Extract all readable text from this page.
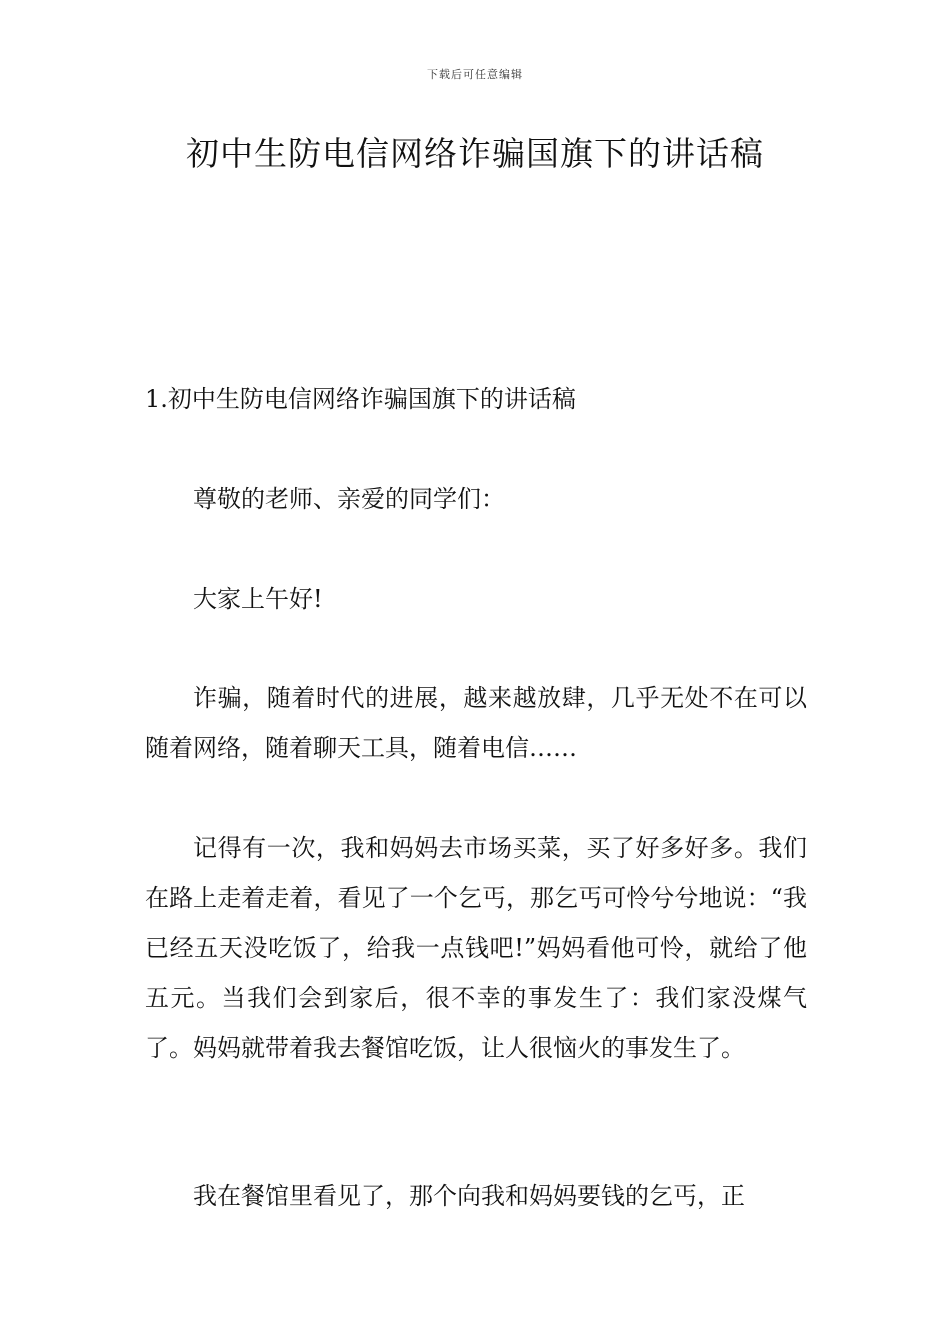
下载后可任意编辑
初中生防电信网络诈骗国旗下的讲话稿

1.初中生防电信网络诈骗国旗下的讲话稿

尊敬的老师、亲爱的同学们：

大家上午好!

诈骗，随着时代的进展，越来越放肆，几乎无处不在可以随着网络，随着聊天工具，随着电信……

记得有一次，我和妈妈去市场买菜，买了好多好多。我们在路上走着走着，看见了一个乞丐，那乞丐可怜兮兮地说：“我已经五天没吃饭了，给我一点钱吧!”妈妈看他可怜，就给了他五元。当我们会到家后，很不幸的事发生了：我们家没煤气了。妈妈就带着我去餐馆吃饭，让人很恼火的事发生了。

我在餐馆里看见了，那个向我和妈妈要钱的乞丐，正
